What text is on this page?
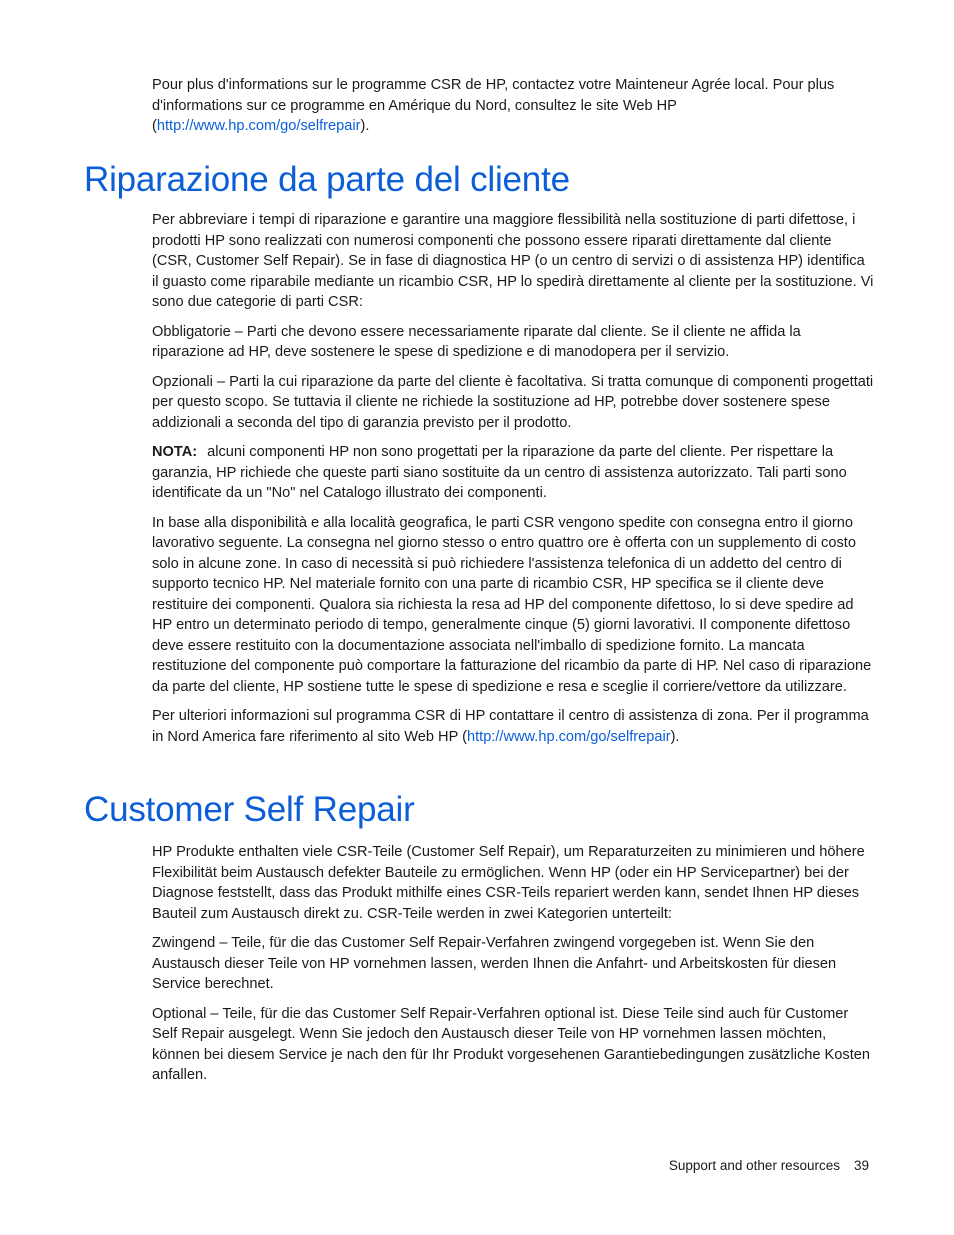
Pour plus d'informations sur le programme CSR de HP, contactez votre Mainteneur Agrée local. Pour plus d'informations sur ce programme en Amérique du Nord, consultez le site Web HP (http://www.hp.com/go/selfrepair).

Riparazione da parte del cliente

Per abbreviare i tempi di riparazione e garantire una maggiore flessibilità nella sostituzione di parti difettose, i prodotti HP sono realizzati con numerosi componenti che possono essere riparati direttamente dal cliente (CSR, Customer Self Repair). Se in fase di diagnostica HP (o un centro di servizi o di assistenza HP) identifica il guasto come riparabile mediante un ricambio CSR, HP lo spedirà direttamente al cliente per la sostituzione. Vi sono due categorie di parti CSR:

Obbligatorie – Parti che devono essere necessariamente riparate dal cliente. Se il cliente ne affida la riparazione ad HP, deve sostenere le spese di spedizione e di manodopera per il servizio.

Opzionali – Parti la cui riparazione da parte del cliente è facoltativa. Si tratta comunque di componenti progettati per questo scopo. Se tuttavia il cliente ne richiede la sostituzione ad HP, potrebbe dover sostenere spese addizionali a seconda del tipo di garanzia previsto per il prodotto.

NOTA: alcuni componenti HP non sono progettati per la riparazione da parte del cliente. Per rispettare la garanzia, HP richiede che queste parti siano sostituite da un centro di assistenza autorizzato. Tali parti sono identificate da un "No" nel Catalogo illustrato dei componenti.

In base alla disponibilità e alla località geografica, le parti CSR vengono spedite con consegna entro il giorno lavorativo seguente. La consegna nel giorno stesso o entro quattro ore è offerta con un supplemento di costo solo in alcune zone. In caso di necessità si può richiedere l'assistenza telefonica di un addetto del centro di supporto tecnico HP. Nel materiale fornito con una parte di ricambio CSR, HP specifica se il cliente deve restituire dei componenti. Qualora sia richiesta la resa ad HP del componente difettoso, lo si deve spedire ad HP entro un determinato periodo di tempo, generalmente cinque (5) giorni lavorativi. Il componente difettoso deve essere restituito con la documentazione associata nell'imballo di spedizione fornito. La mancata restituzione del componente può comportare la fatturazione del ricambio da parte di HP. Nel caso di riparazione da parte del cliente, HP sostiene tutte le spese di spedizione e resa e sceglie il corriere/vettore da utilizzare.

Per ulteriori informazioni sul programma CSR di HP contattare il centro di assistenza di zona. Per il programma in Nord America fare riferimento al sito Web HP (http://www.hp.com/go/selfrepair).

Customer Self Repair

HP Produkte enthalten viele CSR-Teile (Customer Self Repair), um Reparaturzeiten zu minimieren und höhere Flexibilität beim Austausch defekter Bauteile zu ermöglichen. Wenn HP (oder ein HP Servicepartner) bei der Diagnose feststellt, dass das Produkt mithilfe eines CSR-Teils repariert werden kann, sendet Ihnen HP dieses Bauteil zum Austausch direkt zu. CSR-Teile werden in zwei Kategorien unterteilt:

Zwingend – Teile, für die das Customer Self Repair-Verfahren zwingend vorgegeben ist. Wenn Sie den Austausch dieser Teile von HP vornehmen lassen, werden Ihnen die Anfahrt- und Arbeitskosten für diesen Service berechnet.

Optional – Teile, für die das Customer Self Repair-Verfahren optional ist. Diese Teile sind auch für Customer Self Repair ausgelegt. Wenn Sie jedoch den Austausch dieser Teile von HP vornehmen lassen möchten, können bei diesem Service je nach den für Ihr Produkt vorgesehenen Garantiebedingungen zusätzliche Kosten anfallen.

Support and other resources 39
